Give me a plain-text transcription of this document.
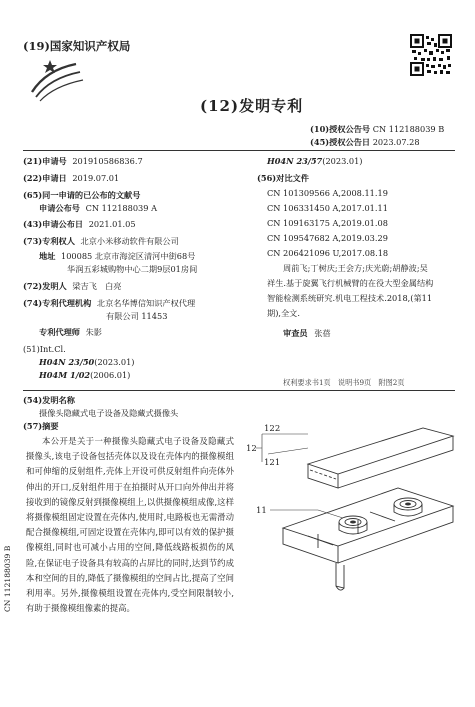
(19)国家知识产权局
(12)发明专利
(10)授权公告号 CN 112188039 B
(45)授权公告日 2023.07.28
(21)申请号 201910586836.7
(22)申请日 2019.07.01
(65)同一申请的已公布的文献号
申请公布号 CN 112188039 A
(43)申请公布日 2021.01.05
(73)专利权人 北京小米移动软件有限公司
地址 100085 北京市海淀区清河中街68号
华润五彩城购物中心二期9层01房间
(72)发明人 梁吉飞　白亮
(74)专利代理机构 北京名华博信知识产权代理
有限公司 11453
专利代理师 朱影
(51)Int.Cl.
H04N 23/50(2023.01)
H04M 1/02(2006.01)
H04N 23/57(2023.01)
(56)对比文件
CN 101309566 A,2008.11.19
CN 106331450 A,2017.01.11
CN 109163175 A,2019.01.08
CN 109547682 A,2019.03.29
CN 206421096 U,2017.08.18
周前飞;丁树庆;王会方;庆光蔚;胡静波;吴
祥生.基于旋翼飞行机械臂的在役大型金属结构
智能检测系统研究.机电工程技术.2018,(第11
期),全文.
审查员 张蓓
权利要求书1页　说明书9页　附图2页
(54)发明名称
摄像头隐藏式电子设备及隐藏式摄像头
(57)摘要
本公开是关于一种摄像头隐藏式电子设备及隐藏式摄像头,该电子设备包括壳体以及设在壳体内的摄像模组和可伸缩的反射组件,壳体上开设可供反射组件向壳体外伸出的开口,反射组件用于在拍摄时从开口向外伸出并将接收到的镜像反射到摄像模组上,以供摄像模组成像,这样将摄像模组固定设置在壳体内,使用时,电路板也无需滑动配合摄像模组,可固定设置在壳体内,即可以有效的保护摄像模组,同时也可减小占用的空间,降低线路板损伤的风险,在保证电子设备具有较高的占屏比的同时,达到节约成本和空间的目的,降低了摄像模组的空间占比,提高了空间利用率。另外,摄像模组设置在壳体内,受空间限制较小,有助于摄像模组像素的提高。
12
122
121
11
CN 112188039 B
